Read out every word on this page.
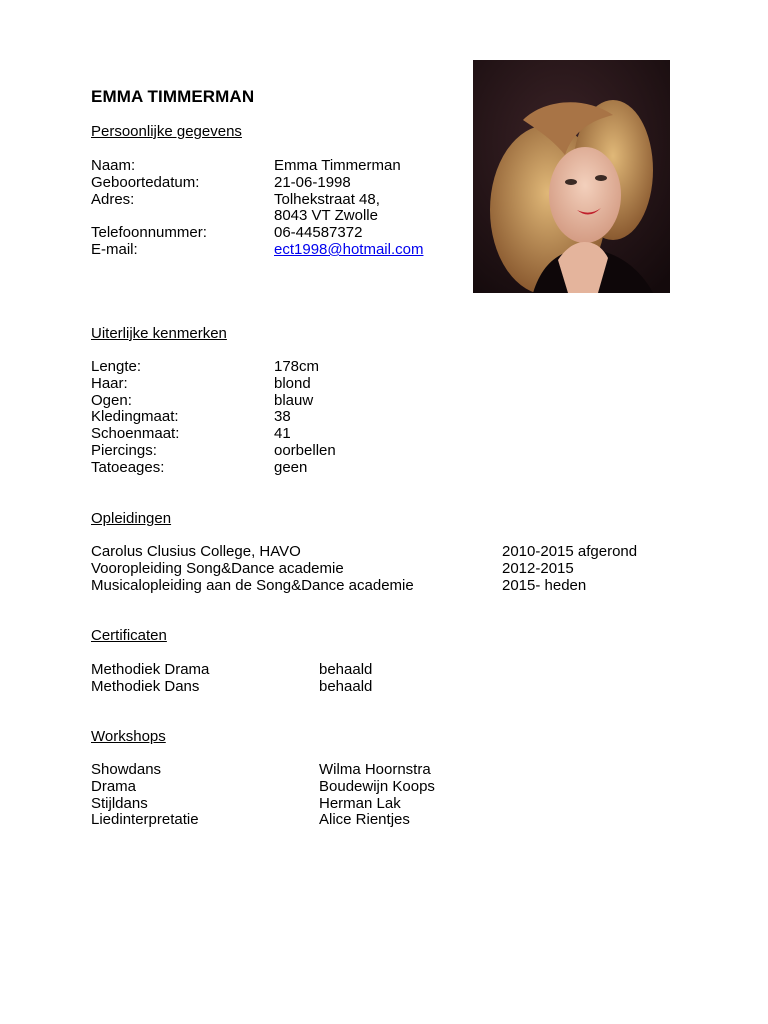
EMMA TIMMERMAN
Persoonlijke gegevens
Naam:	Emma Timmerman
Geboortedatum:	21-06-1998
Adres:	Tolhekstraat 48,
8043 VT Zwolle
Telefoonnummer:	06-44587372
E-mail:	ect1998@hotmail.com
Uiterlijke kenmerken
Lengte:	178cm
Haar:	blond
Ogen:	blauw
Kledingmaat:	38
Schoenmaat:	41
Piercings:	oorbellen
Tatoeages:	geen
Opleidingen
Carolus Clusius College, HAVO	2010-2015 afgerond
Vooropleiding Song&Dance academie	2012-2015
Musicalopleiding aan de Song&Dance academie	2015- heden
Certificaten
Methodiek Drama	behaald
Methodiek Dans	behaald
Workshops
Showdans	Wilma Hoornstra
Drama	Boudewijn Koops
Stijldans	Herman Lak
Liedinterpretatie	Alice Rientjes
